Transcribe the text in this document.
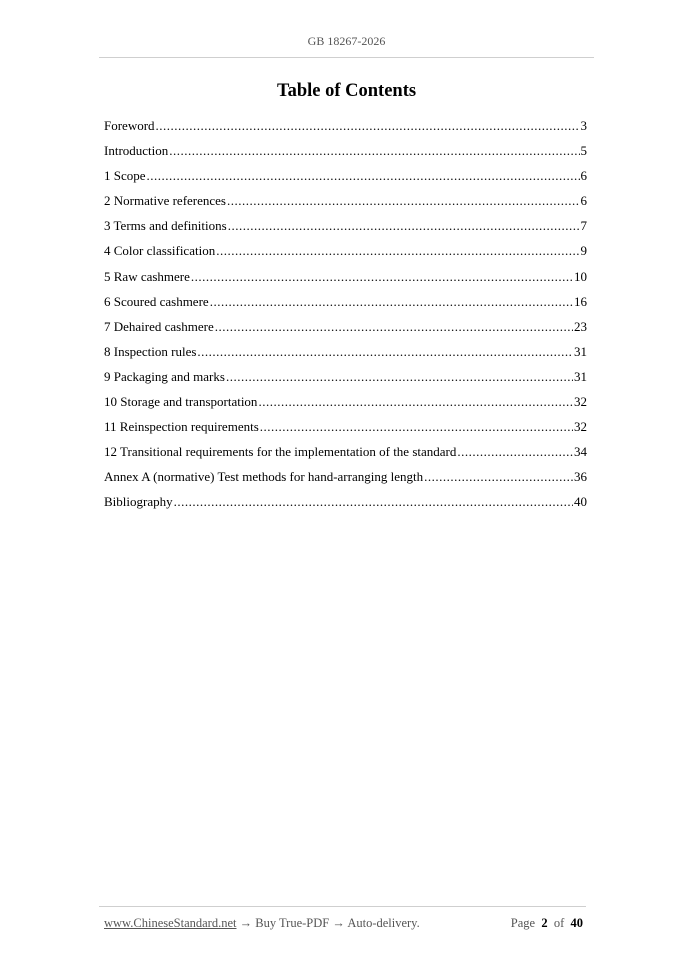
GB 18267-2026
Table of Contents
Foreword .....	3
Introduction .....	5
1 Scope .....	6
2 Normative references .....	6
3 Terms and definitions .....	7
4 Color classification .....	9
5 Raw cashmere .....	10
6 Scoured cashmere .....	16
7 Dehaired cashmere .....	23
8 Inspection rules .....	31
9 Packaging and marks .....	31
10 Storage and transportation .....	32
11 Reinspection requirements .....	32
12 Transitional requirements for the implementation of the standard .....	34
Annex A (normative) Test methods for hand-arranging length .....	36
Bibliography .....	40
www.ChineseStandard.net → Buy True-PDF → Auto-delivery.	Page 2 of 40
